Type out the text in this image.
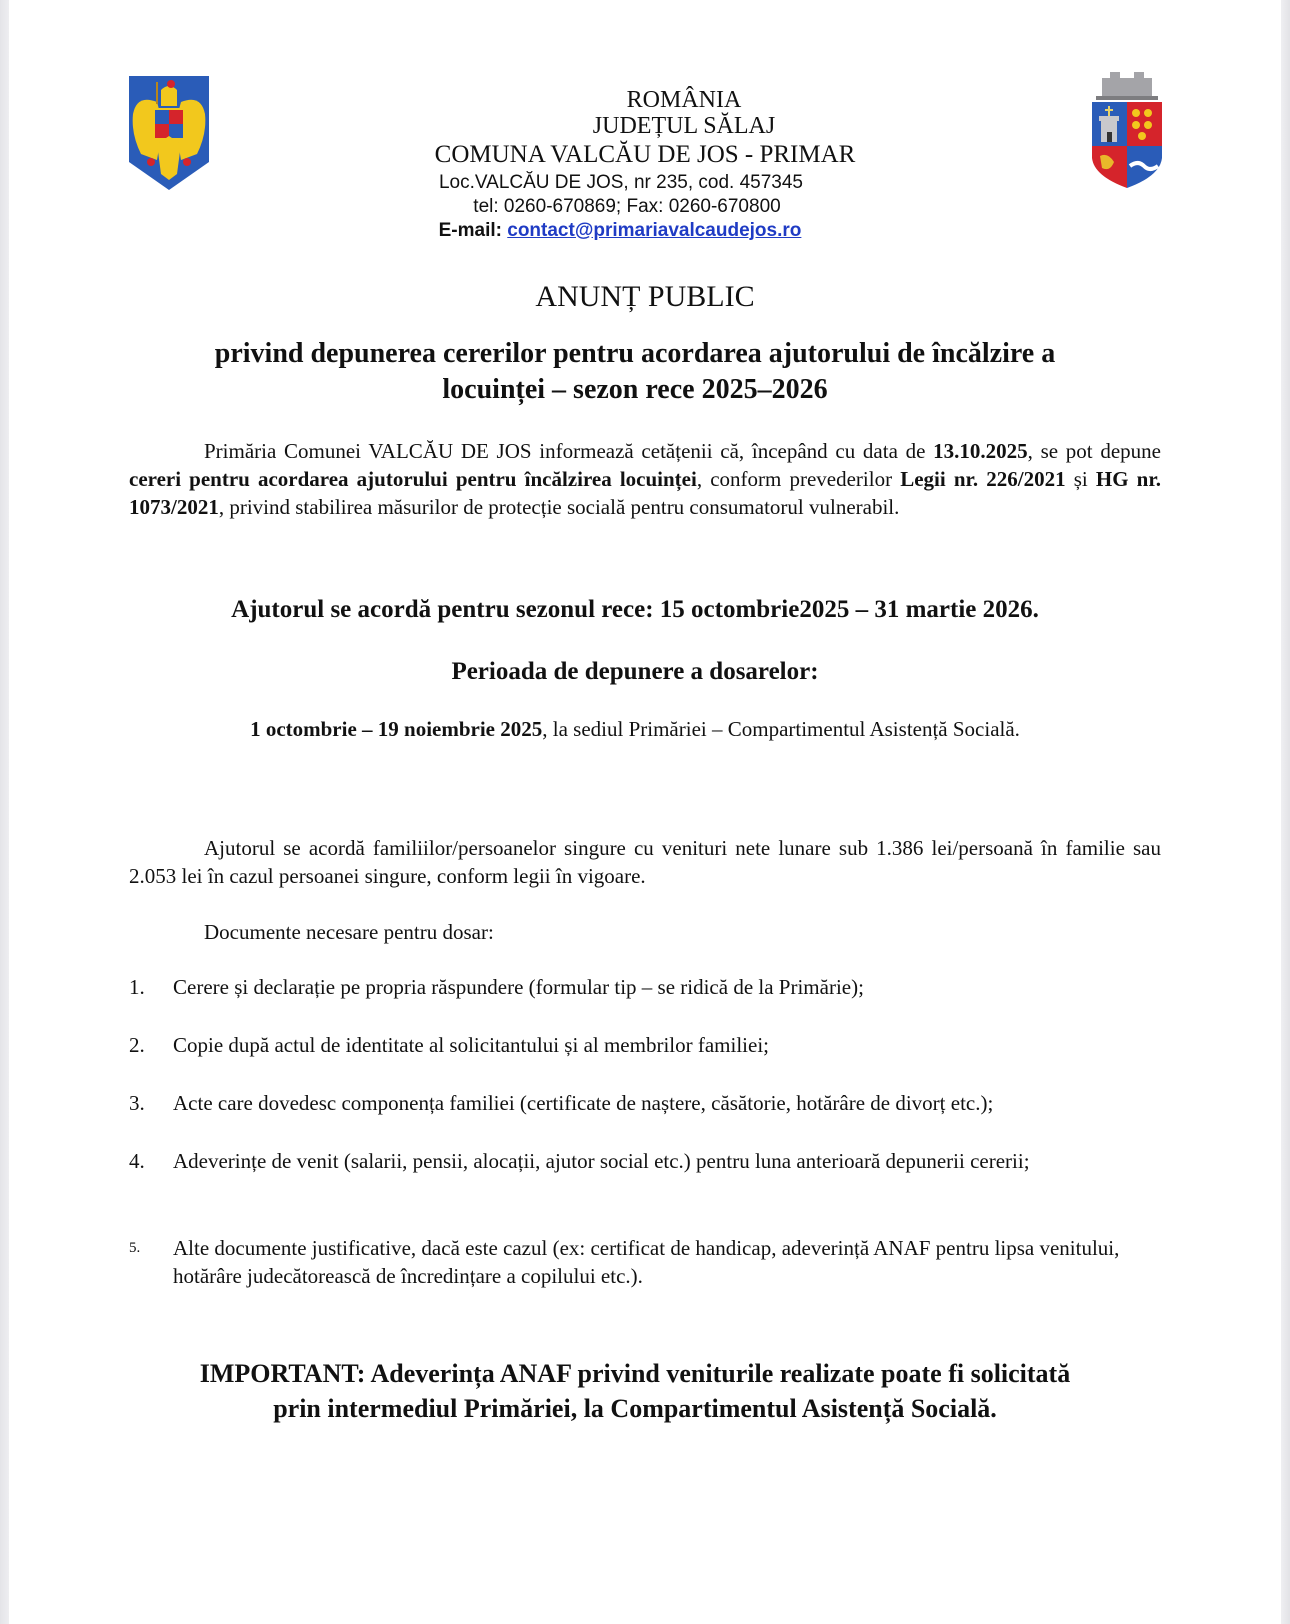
ROMÂNIA
JUDEȚUL SĂLAJ
COMUNA VALCĂU DE JOS - PRIMAR
Loc.VALCĂU DE JOS, nr 235, cod. 457345
tel: 0260-670869; Fax: 0260-670800
E-mail: contact@primariavalcaudejos.ro
ANUNȚ PUBLIC
privind depunerea cererilor pentru acordarea ajutorului de încălzire a
locuinței – sezon rece 2025–2026
Primăria Comunei VALCĂU DE JOS informează cetățenii că, începând cu data de 13.10.2025, se pot depune cereri pentru acordarea ajutorului pentru încălzirea locuinței, conform prevederilor Legii nr. 226/2021 și HG nr. 1073/2021, privind stabilirea măsurilor de protecție socială pentru consumatorul vulnerabil.
Ajutorul se acordă pentru sezonul rece: 15 octombrie2025 – 31 martie 2026.
Perioada de depunere a dosarelor:
1 octombrie – 19 noiembrie 2025, la sediul Primăriei – Compartimentul Asistență Socială.
Ajutorul se acordă familiilor/persoanelor singure cu venituri nete lunare sub 1.386 lei/persoană în familie sau 2.053 lei în cazul persoanei singure, conform legii în vigoare.
Documente necesare pentru dosar:
1.	Cerere și declarație pe propria răspundere (formular tip – se ridică de la Primărie);
2.	Copie după actul de identitate al solicitantului și al membrilor familiei;
3.	Acte care dovedesc componența familiei (certificate de naștere, căsătorie, hotărâre de divorț etc.);
4.	Adeverințe de venit (salarii, pensii, alocații, ajutor social etc.) pentru luna anterioară depunerii cererii;
5.	Alte documente justificative, dacă este cazul (ex: certificat de handicap, adeverință ANAF pentru lipsa venitului, hotărâre judecătorească de încredințare a copilului etc.).
IMPORTANT: Adeverința ANAF privind veniturile realizate poate fi solicitată
prin intermediul Primăriei, la Compartimentul Asistență Socială.
